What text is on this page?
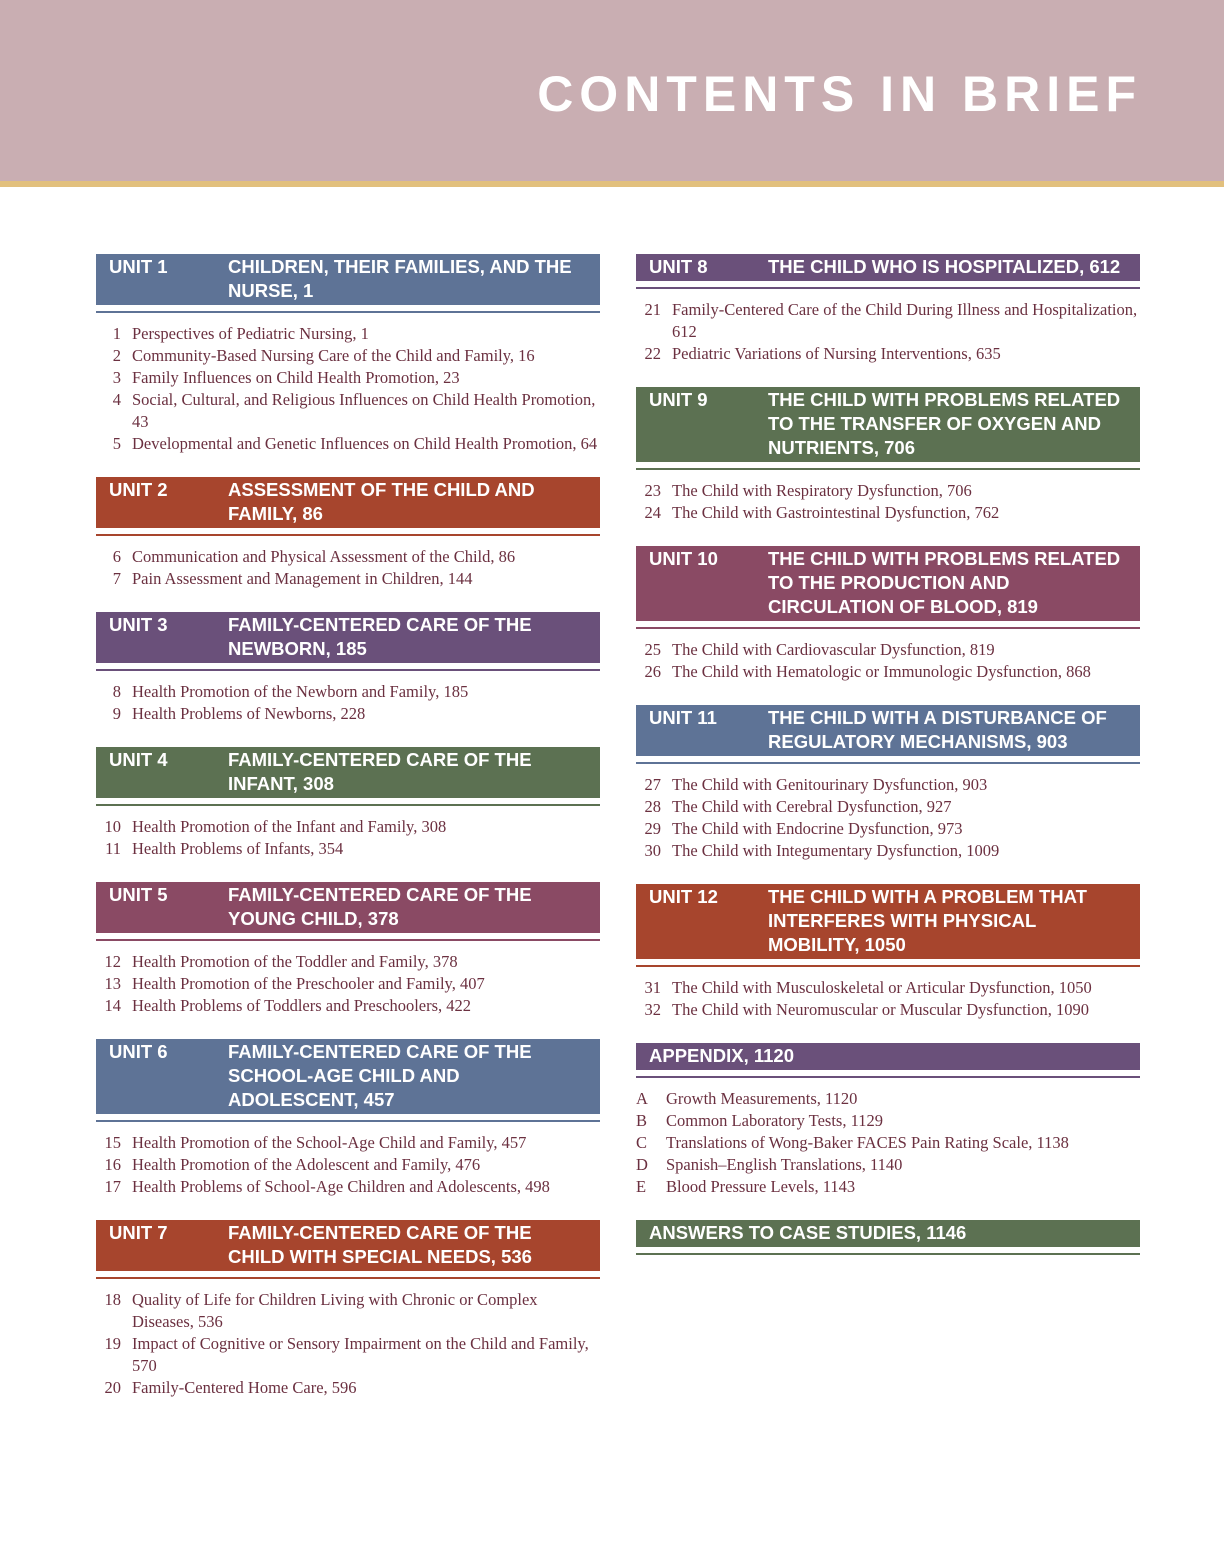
CONTENTS IN BRIEF
UNIT 1	CHILDREN, THEIR FAMILIES, AND THE NURSE, 1
1 Perspectives of Pediatric Nursing, 1
2 Community-Based Nursing Care of the Child and Family, 16
3 Family Influences on Child Health Promotion, 23
4 Social, Cultural, and Religious Influences on Child Health Promotion, 43
5 Developmental and Genetic Influences on Child Health Promotion, 64
UNIT 2	ASSESSMENT OF THE CHILD AND FAMILY, 86
6 Communication and Physical Assessment of the Child, 86
7 Pain Assessment and Management in Children, 144
UNIT 3	FAMILY-CENTERED CARE OF THE NEWBORN, 185
8 Health Promotion of the Newborn and Family, 185
9 Health Problems of Newborns, 228
UNIT 4	FAMILY-CENTERED CARE OF THE INFANT, 308
10 Health Promotion of the Infant and Family, 308
11 Health Problems of Infants, 354
UNIT 5	FAMILY-CENTERED CARE OF THE YOUNG CHILD, 378
12 Health Promotion of the Toddler and Family, 378
13 Health Promotion of the Preschooler and Family, 407
14 Health Problems of Toddlers and Preschoolers, 422
UNIT 6	FAMILY-CENTERED CARE OF THE SCHOOL-AGE CHILD AND ADOLESCENT, 457
15 Health Promotion of the School-Age Child and Family, 457
16 Health Promotion of the Adolescent and Family, 476
17 Health Problems of School-Age Children and Adolescents, 498
UNIT 7	FAMILY-CENTERED CARE OF THE CHILD WITH SPECIAL NEEDS, 536
18 Quality of Life for Children Living with Chronic or Complex Diseases, 536
19 Impact of Cognitive or Sensory Impairment on the Child and Family, 570
20 Family-Centered Home Care, 596
UNIT 8	THE CHILD WHO IS HOSPITALIZED, 612
21 Family-Centered Care of the Child During Illness and Hospitalization, 612
22 Pediatric Variations of Nursing Interventions, 635
UNIT 9	THE CHILD WITH PROBLEMS RELATED TO THE TRANSFER OF OXYGEN AND NUTRIENTS, 706
23 The Child with Respiratory Dysfunction, 706
24 The Child with Gastrointestinal Dysfunction, 762
UNIT 10	THE CHILD WITH PROBLEMS RELATED TO THE PRODUCTION AND CIRCULATION OF BLOOD, 819
25 The Child with Cardiovascular Dysfunction, 819
26 The Child with Hematologic or Immunologic Dysfunction, 868
UNIT 11	THE CHILD WITH A DISTURBANCE OF REGULATORY MECHANISMS, 903
27 The Child with Genitourinary Dysfunction, 903
28 The Child with Cerebral Dysfunction, 927
29 The Child with Endocrine Dysfunction, 973
30 The Child with Integumentary Dysfunction, 1009
UNIT 12	THE CHILD WITH A PROBLEM THAT INTERFERES WITH PHYSICAL MOBILITY, 1050
31 The Child with Musculoskeletal or Articular Dysfunction, 1050
32 The Child with Neuromuscular or Muscular Dysfunction, 1090
APPENDIX, 1120
A	Growth Measurements, 1120
B	Common Laboratory Tests, 1129
C	Translations of Wong-Baker FACES Pain Rating Scale, 1138
D	Spanish–English Translations, 1140
E	Blood Pressure Levels, 1143
ANSWERS TO CASE STUDIES, 1146
